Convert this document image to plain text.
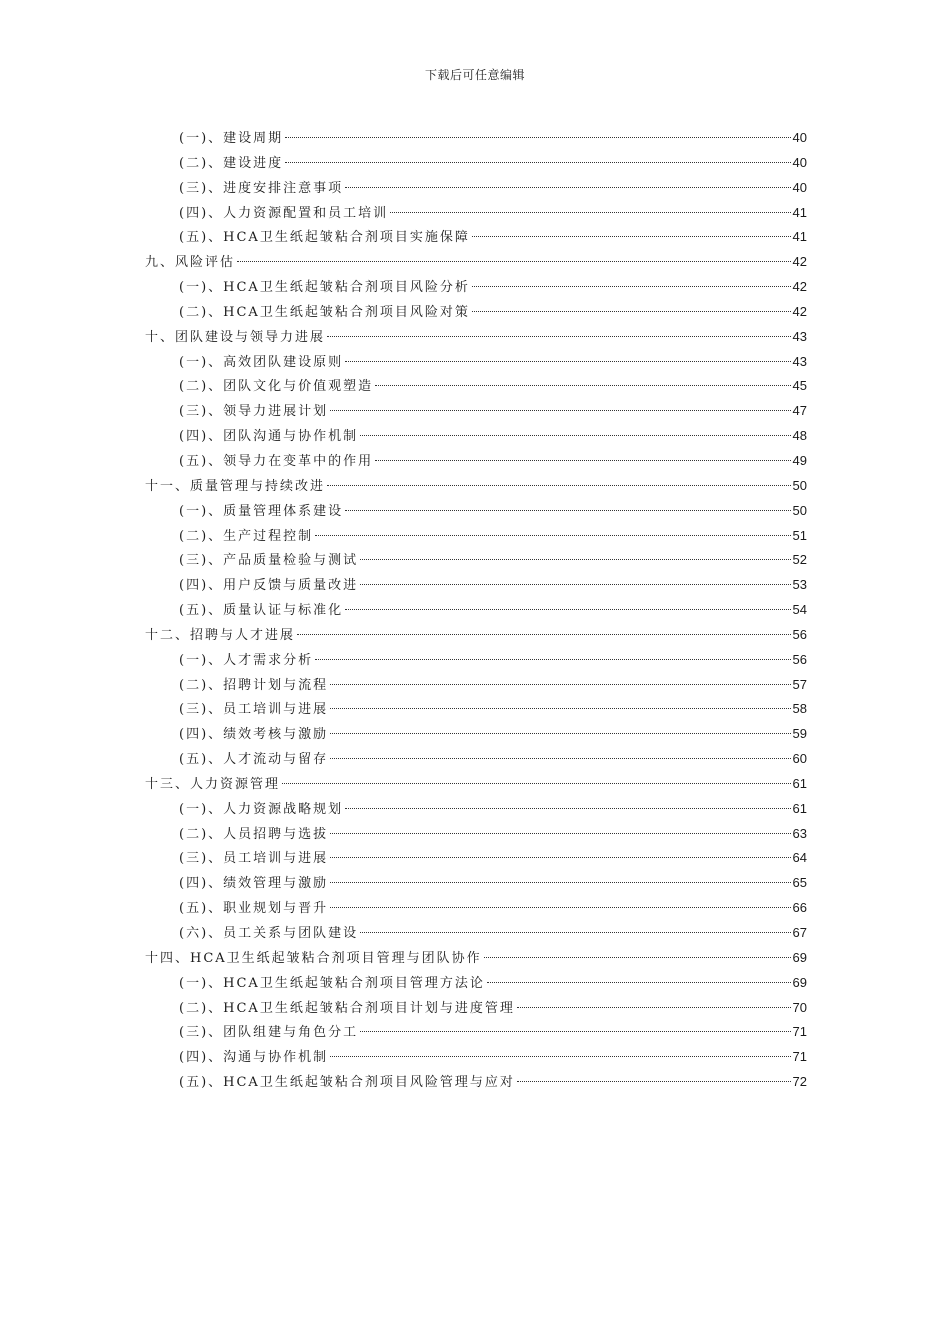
下载后可任意编辑
(一)、建设周期	40
(二)、建设进度	40
(三)、进度安排注意事项	40
(四)、人力资源配置和员工培训	41
(五)、HCA卫生纸起皱粘合剂项目实施保障	41
九、风险评估	42
(一)、HCA卫生纸起皱粘合剂项目风险分析	42
(二)、HCA卫生纸起皱粘合剂项目风险对策	42
十、团队建设与领导力进展	43
(一)、高效团队建设原则	43
(二)、团队文化与价值观塑造	45
(三)、领导力进展计划	47
(四)、团队沟通与协作机制	48
(五)、领导力在变革中的作用	49
十一、质量管理与持续改进	50
(一)、质量管理体系建设	50
(二)、生产过程控制	51
(三)、产品质量检验与测试	52
(四)、用户反馈与质量改进	53
(五)、质量认证与标准化	54
十二、招聘与人才进展	56
(一)、人才需求分析	56
(二)、招聘计划与流程	57
(三)、员工培训与进展	58
(四)、绩效考核与激励	59
(五)、人才流动与留存	60
十三、人力资源管理	61
(一)、人力资源战略规划	61
(二)、人员招聘与选拔	63
(三)、员工培训与进展	64
(四)、绩效管理与激励	65
(五)、职业规划与晋升	66
(六)、员工关系与团队建设	67
十四、HCA卫生纸起皱粘合剂项目管理与团队协作	69
(一)、HCA卫生纸起皱粘合剂项目管理方法论	69
(二)、HCA卫生纸起皱粘合剂项目计划与进度管理	70
(三)、团队组建与角色分工	71
(四)、沟通与协作机制	71
(五)、HCA卫生纸起皱粘合剂项目风险管理与应对	72
